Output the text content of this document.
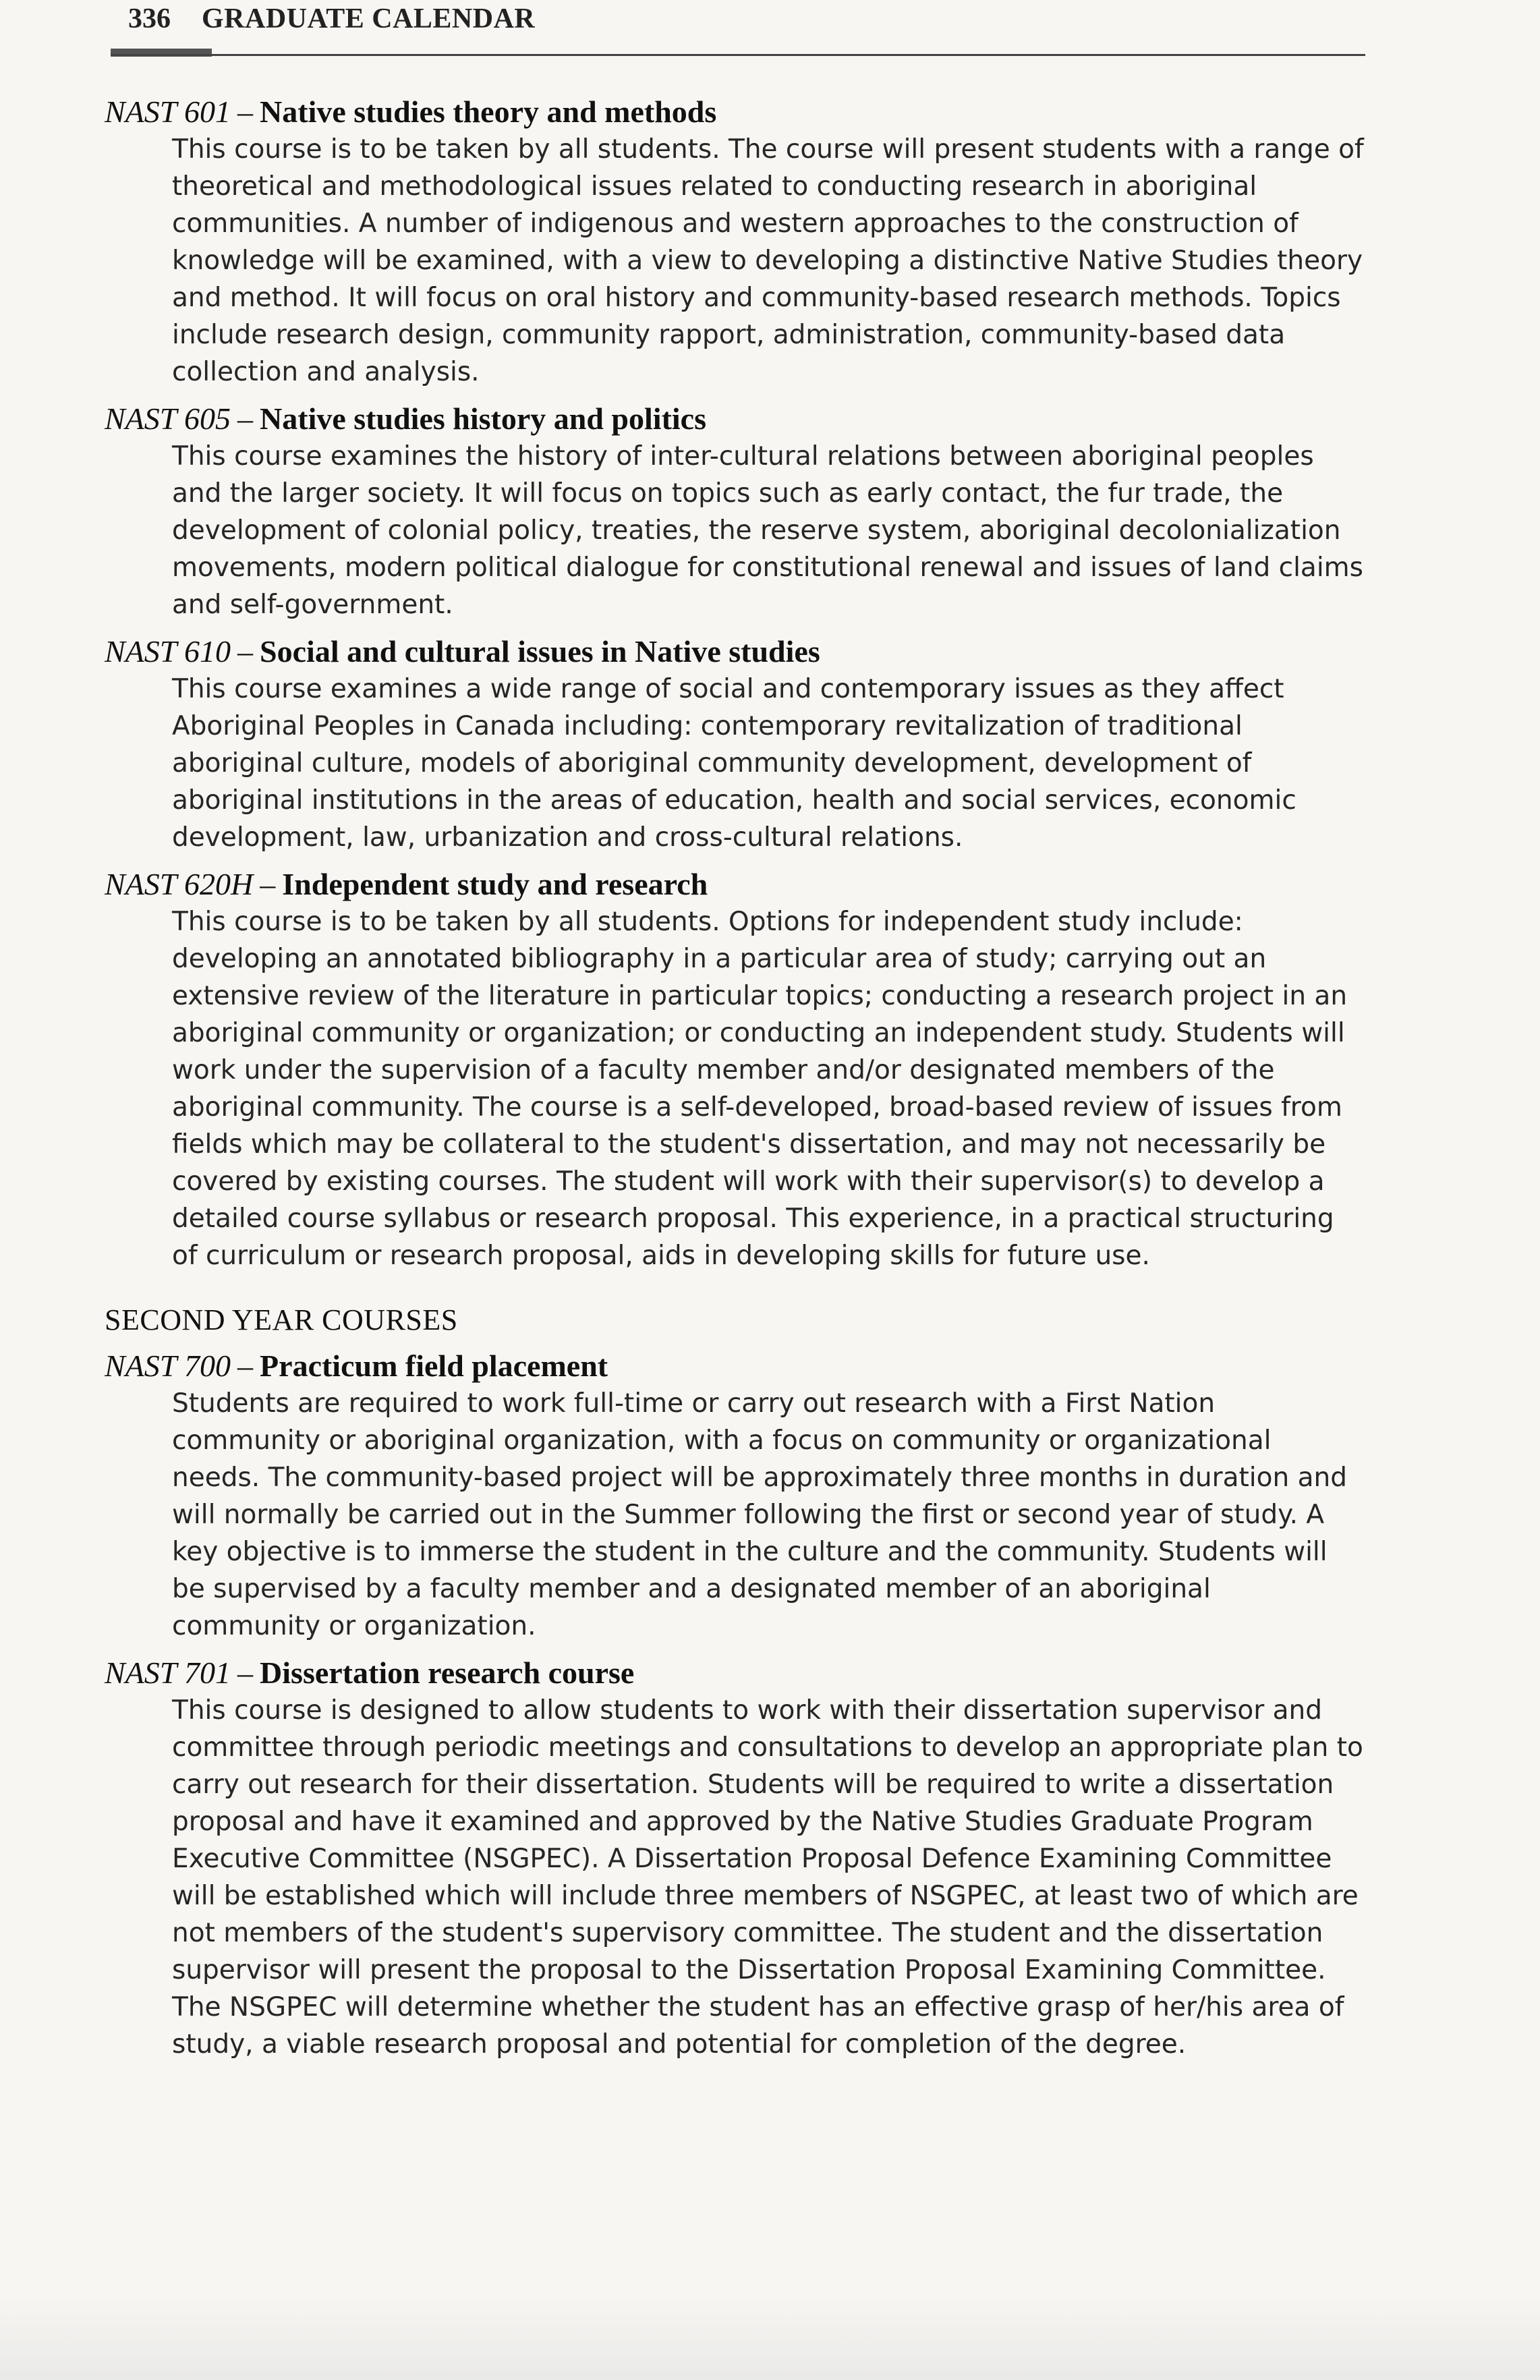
336 GRADUATE CALENDAR
NAST 601 – Native studies theory and methods
This course is to be taken by all students. The course will present students with a range of theoretical and methodological issues related to conducting research in aboriginal communities. A number of indigenous and western approaches to the construction of knowledge will be examined, with a view to developing a distinctive Native Studies theory and method. It will focus on oral history and community-based research methods. Topics include research design, community rapport, administration, community-based data collection and analysis.
NAST 605 – Native studies history and politics
This course examines the history of inter-cultural relations between aboriginal peoples and the larger society. It will focus on topics such as early contact, the fur trade, the development of colonial policy, treaties, the reserve system, aboriginal decolonialization movements, modern political dialogue for constitutional renewal and issues of land claims and self-government.
NAST 610 – Social and cultural issues in Native studies
This course examines a wide range of social and contemporary issues as they affect Aboriginal Peoples in Canada including: contemporary revitalization of traditional aboriginal culture, models of aboriginal community development, development of aboriginal institutions in the areas of education, health and social services, economic development, law, urbanization and cross-cultural relations.
NAST 620H – Independent study and research
This course is to be taken by all students. Options for independent study include: developing an annotated bibliography in a particular area of study; carrying out an extensive review of the literature in particular topics; conducting a research project in an aboriginal community or organization; or conducting an independent study. Students will work under the supervision of a faculty member and/or designated members of the aboriginal community. The course is a self-developed, broad-based review of issues from fields which may be collateral to the student's dissertation, and may not necessarily be covered by existing courses. The student will work with their supervisor(s) to develop a detailed course syllabus or research proposal. This experience, in a practical structuring of curriculum or research proposal, aids in developing skills for future use.
SECOND YEAR COURSES
NAST 700 – Practicum field placement
Students are required to work full-time or carry out research with a First Nation community or aboriginal organization, with a focus on community or organizational needs. The community-based project will be approximately three months in duration and will normally be carried out in the Summer following the first or second year of study. A key objective is to immerse the student in the culture and the community. Students will be supervised by a faculty member and a designated member of an aboriginal community or organization.
NAST 701 – Dissertation research course
This course is designed to allow students to work with their dissertation supervisor and committee through periodic meetings and consultations to develop an appropriate plan to carry out research for their dissertation. Students will be required to write a dissertation proposal and have it examined and approved by the Native Studies Graduate Program Executive Committee (NSGPEC). A Dissertation Proposal Defence Examining Committee will be established which will include three members of NSGPEC, at least two of which are not members of the student's supervisory committee. The student and the dissertation supervisor will present the proposal to the Dissertation Proposal Examining Committee. The NSGPEC will determine whether the student has an effective grasp of her/his area of study, a viable research proposal and potential for completion of the degree.
